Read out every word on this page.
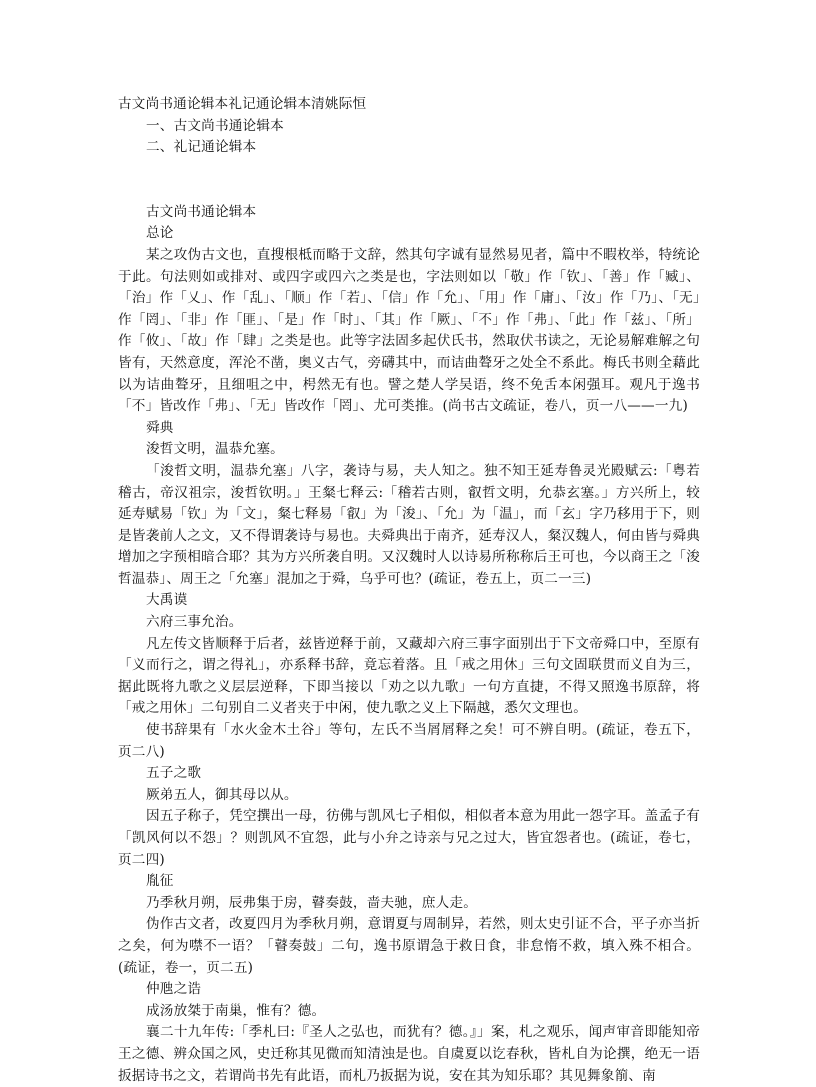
古文尚书通论辑本礼记通论辑本清姚际恒
一、古文尚书通论辑本
二、礼记通论辑本
古文尚书通论辑本
总论

某之攻伪古文也，直搜根柢而略于文辞，然其句字诚有显然易见者，篇中不暇枚举，特统论于此。句法则如或排对、或四字或四六之类是也，字法则如以「敬」作「钦」、「善」作「臧」、「治」作「乂」、作「乱」、「顺」作「若」、「信」作「允」、「用」作「庸」、「汝」作「乃」、「无」作「罔」、「非」作「匪」、「是」作「时」、「其」作「厥」、「不」作「弗」、「此」作「兹」、「所」作「攸」、「故」作「肆」之类是也。此等字法固多起伏氏书，然取伏书读之，无论易解难解之句皆有，天然意度，浑沦不凿，奥义古气，旁礴其中，而诘曲聱牙之处全不系此。梅氏书则全藉此以为诘曲聱牙，且细咀之中，枵然无有也。譬之楚人学吴语，终不免舌本闲强耳。观凡于逸书「不」皆改作「弗」、「无」皆改作「罔」、尤可类推。(尚书古文疏证，卷八，页一八——一九)

舜典
浚哲文明，温恭允塞。

「浚哲文明，温恭允塞」八字，袭诗与易，夫人知之。独不知王延寿鲁灵光殿赋云:「粤若稽古，帝汉祖宗，浚哲钦明。」王粲七释云:「稽若古则，叡哲文明，允恭玄塞。」方兴所上，较延寿赋易「钦」为「文」，粲七释易「叡」为「浚」、「允」为「温」，而「玄」字乃移用于下，则是皆袭前人之文，又不得谓袭诗与易也。夫舜典出于南齐，延寿汉人，粲汉魏人，何由皆与舜典增加之字预相暗合耶？其为方兴所袭自明。又汉魏时人以诗易所称称后王可也，今以商王之「浚哲温恭」、周王之「允塞」混加之于舜，乌乎可也？(疏证，卷五上，页二一三)

大禹谟
六府三事允治。

凡左传文皆顺释于后者，兹皆逆释于前，又藏却六府三事字面别出于下文帝舜口中，至原有「义而行之，谓之得礼」，亦系释书辞，竟忘着落。且「戒之用休」三句文固联贯而义自为三，据此既将九歌之义层层逆释，下即当接以「劝之以九歌」一句方直捷，不得又照逸书原辞，将「戒之用休」二句别自二义者夹于中闲，使九歌之义上下隔越，悉欠文理也。

使书辞果有「水火金木土谷」等句，左氏不当屑屑释之矣！可不辨自明。(疏证，卷五下，页二八)

五子之歌
厥弟五人，御其母以从。

因五子称子，凭空撰出一母，彷佛与凯风七子相似，相似者本意为用此一怨字耳。盖孟子有「凯风何以不怨」？则凯风不宜怨，此与小弁之诗亲与兄之过大，皆宜怨者也。(疏证，卷七，页二四)

胤征
乃季秋月朔，辰弗集于房，瞽奏鼓，啬夫驰，庶人走。

伪作古文者，改夏四月为季秋月朔，意谓夏与周制异，若然，则太史引证不合，平子亦当折之矣，何为噤不一语？「瞽奏鼓」二句，逸书原谓急于救日食，非怠惰不救，填入殊不相合。(疏证，卷一，页二五)

仲虺之诰
成汤放桀于南巢，惟有？德。

襄二十九年传:「季札曰:『圣人之弘也，而犹有？德。』」案，札之观乐，闻声审音即能知帝王之德、辨众国之风，史迁称其见微而知清浊是也。自虞夏以讫春秋，皆札自为论撰，绝无一语扳据诗书之文，若谓尚书先有此语，而札乃扳据为说，安在其为知乐耶？其见舞象箾、南
